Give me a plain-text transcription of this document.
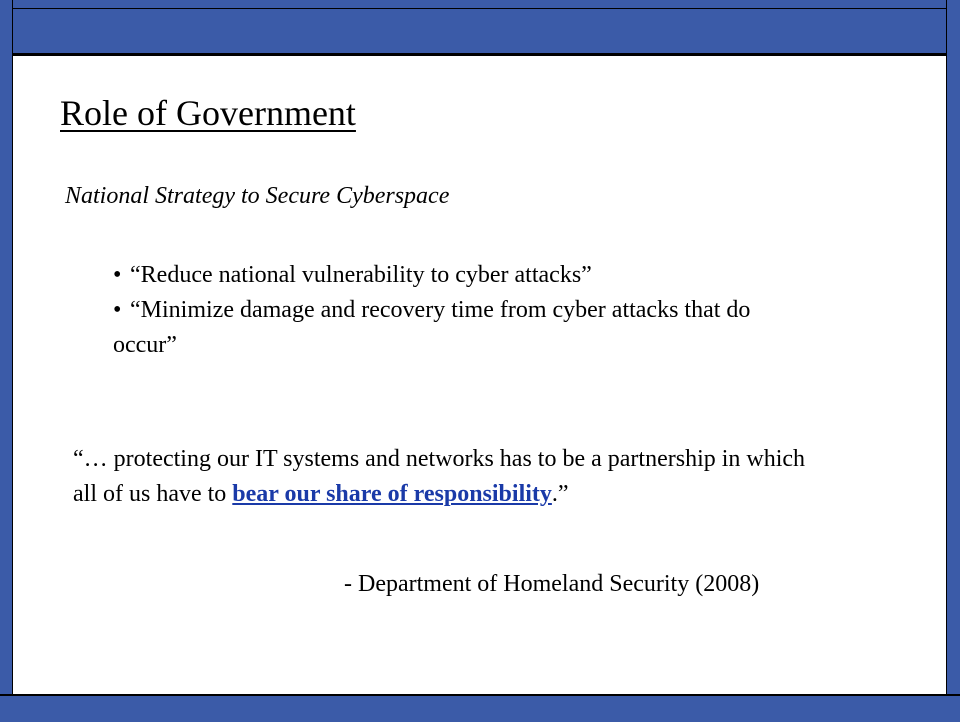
Role of Government
National Strategy to Secure Cyberspace
• “Reduce national vulnerability to cyber attacks”
• “Minimize damage and recovery time from cyber attacks that do occur”
“… protecting our IT systems and networks has to be a partnership in which all of us have to bear our share of responsibility.”
- Department of Homeland Security (2008)
